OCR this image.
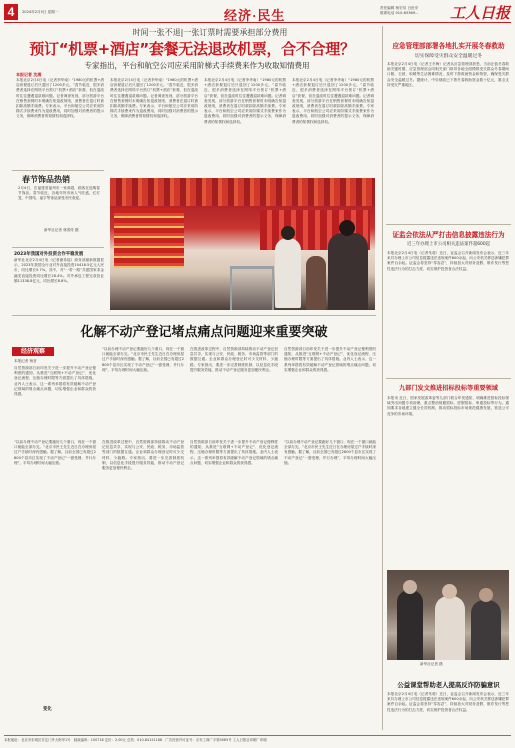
4	2024年2月5日 星期一	经济·民生	责任编辑 杨宏琰 白世安
联系电话 010-65369... 工人日报
时间一张不退|一张订票时需要承担部分费用
预订“机票+酒店”套餐无法退改机票，合不合理？
专家指出，平台和航空公司应采用阶梯式手续费来作为收取知情费用
本报记者 沈湘
本报北京2月4日电（记者李华南）“1980元的机票+酒店套餐退订后只退回了1200多元。”春节临近，很多消费者选择在网络平台预订“机票+酒店”套餐，但在退改时往往遭遇退款难问题。记者调查发现，部分旅游平台在销售套餐时未明确告知退改规则，消费者在退订时被扣除高额手续费。专家表示，平台和航空公司应采用阶梯式手续费来作为退改费用，同时加强对消费者的提示义务，保障消费者的知情权和选择权。
本报北京2月4日电（记者李华南）“1980元的机票+酒店套餐退订后只退回了1200多元。”春节临近，很多消费者选择在网络平台预订“机票+酒店”套餐，但在退改时往往遭遇退款难问题。记者调查发现，部分旅游平台在销售套餐时未明确告知退改规则，消费者在退订时被扣除高额手续费。专家表示，平台和航空公司应采用阶梯式手续费来作为退改费用，同时加强对消费者的提示义务，保障消费者的知情权和选择权。
本报北京2月4日电（记者李华南）“1980元的机票+酒店套餐退订后只退回了1200多元。”春节临近，很多消费者选择在网络平台预订“机票+酒店”套餐，但在退改时往往遭遇退款难问题。记者调查发现，部分旅游平台在销售套餐时未明确告知退改规则，消费者在退订时被扣除高额手续费。专家表示，平台和航空公司应采用阶梯式手续费来作为退改费用，同时加强对消费者的提示义务，保障消费者的知情权和选择权。
本报北京2月4日电（记者李华南）“1980元的机票+酒店套餐退订后只退回了1200多元。”春节临近，很多消费者选择在网络平台预订“机票+酒店”套餐，但在退改时往往遭遇退款难问题。记者调查发现，部分旅游平台在销售套餐时未明确告知退改规则，消费者在退订时被扣除高额手续费。专家表示，平台和航空公司应采用阶梯式手续费来作为退改费用，同时加强对消费者的提示义务，保障消费者的知情权和选择权。
春节饰品热销
2月4日，在福建省福州市一家商超，顾客在选购春节饰品。春节临近，各地年货市场人气旺盛，红灯笼、中国结、福字等饰品深受市民欢迎。
新华社记者 林善传 摄
2023年我国对外投资合作平稳发展
新华社北京2月4日电（记者谢希瑶）商务部最新数据显示，2023年我国全行业对外直接投资10418.5亿元人民币，同比增长5.7%。其中，对“一带一路”共建国家非金融类直接投资同比增长28.4%。对外承包工程完成营业额11338.8亿元，同比增长8.8%。
化解不动产登记堵点痛点问题迎来重要突破
经济观察
本报记者 杨晋
自然资源部日前印发关于进一步提升不动产登记便利度的通知，从推进“互联网+不动产登记”、优化登记流程、压缩办理时限等方面提出了具体措施。业内人士表示，这一系列举措将有效破解不动产登记领域的堵点痛点问题，切实增强企业和群众的获得感。
“以前办理不动产登记要跑好几个窗口，现在一个窗口就能全部办完。”北京市民王先生近日在办理房屋过户手续时深有感触。据了解，目前全国已有超过2800个县市区实现了不动产登记“一窗受理、并行办理”，平均办理时间大幅压缩。
在推进改革过程中，自然资源部持续推动不动产登记信息共享，实现与公安、民政、税务、市场监管等部门的数据互通。企业和群众办理登记时可少交材料、少跑路。专家指出，要进一步完善制度机制，以信息化手段提升服务效能，推动不动产登记服务更加便民利企。
自然资源部日前印发关于进一步提升不动产登记便利度的通知，从推进“互联网+不动产登记”、优化登记流程、压缩办理时限等方面提出了具体措施。业内人士表示，这一系列举措将有效破解不动产登记领域的堵点痛点问题，切实增强企业和群众的获得感。
“以前办理不动产登记要跑好几个窗口，现在一个窗口就能全部办完。”北京市民王先生近日在办理房屋过户手续时深有感触。据了解，目前全国已有超过2800个县市区实现了不动产登记“一窗受理、并行办理”，平均办理时间大幅压缩。
在推进改革过程中，自然资源部持续推动不动产登记信息共享，实现与公安、民政、税务、市场监管等部门的数据互通。企业和群众办理登记时可少交材料、少跑路。专家指出，要进一步完善制度机制，以信息化手段提升服务效能，推动不动产登记服务更加便民利企。
自然资源部日前印发关于进一步提升不动产登记便利度的通知，从推进“互联网+不动产登记”、优化登记流程、压缩办理时限等方面提出了具体措施。业内人士表示，这一系列举措将有效破解不动产登记领域的堵点痛点问题，切实增强企业和群众的获得感。
“以前办理不动产登记要跑好几个窗口，现在一个窗口就能全部办完。”北京市民王先生近日在办理房屋过户手续时深有感触。据了解，目前全国已有超过2800个县市区实现了不动产登记“一窗受理、并行办理”，平均办理时间大幅压缩。
变化
应急管理部部署各地扎实开展冬春救助
切实保障受灾群众安全温暖过冬
本报北京2月4日电（记者王冬梅）记者从应急管理部获悉，当前正值冬春救助关键时期，应急管理部会同相关部门指导各地全面摸排受灾群众冬春期间口粮、衣被、取暖等生活困难情况，及时下拨救助资金和物资，确保受灾群众安全温暖过冬。据统计，中央财政已下拨冬春救助资金数十亿元，重点支持受灾严重地区。
证监会依法从严打击信息披露违法行为
近三年办理上市公司相关违法案件超600起
本报北京2月4日电（记者朱莉）近日，证监会召开新闻发布会表示，近三年来共办理上市公司信息披露违法违规案件600余起，向公安机关移送涉嫌犯罪案件百余起。证监会将坚持“零容忍”，持续加大对财务造假、欺诈发行等恶性违法行为的打击力度，切实保护投资者合法权益。
九部门发文推进招标投标等重要领域
本报讯 近日，国家发展改革委等九部门联合印发通知，明确推进招标投标领域突出问题专项治理，重点整治规避招标、虚假招标、串通投标等行为。通知要求各地建立健全长效机制，推动招标投标市场规范健康发展，营造公平竞争的市场环境。
新华社记者 摄
公益课堂帮助老人提高反诈防骗意识
本报北京2月4日电（记者朱莉）近日，证监会召开新闻发布会表示，近三年来共办理上市公司信息披露违法违规案件600余起，向公安机关移送涉嫌犯罪案件百余起。证监会将坚持“零容忍”，持续加大对财务造假、欺诈发行等恶性违法行为的打击力度，切实保护投资者合法权益。
本报地址：北京市东城区安定门外大街甲1号 邮政编码：100718 定价：2.00元 总机：010-84151188 广告经营许可证号：京东工商广字第0085号 工人日报社印刷厂印刷
